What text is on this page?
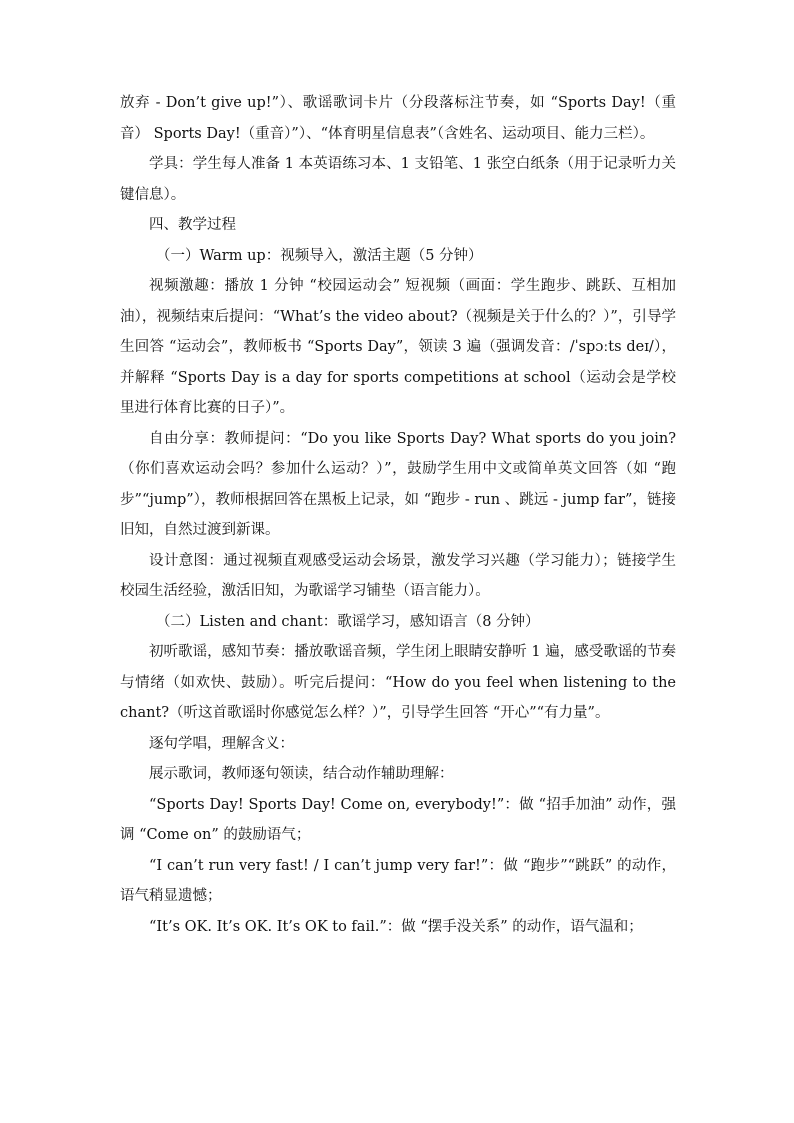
放弃 - Don’t give up!”）、歌谣歌词卡片（分段落标注节奏，如 “Sports Day!（重音） Sports Day!（重音）”）、“体育明星信息表”（含姓名、运动项目、能力三栏）。

学具：学生每人准备 1 本英语练习本、1 支铅笔、1 张空白纸条（用于记录听力关键信息）。

四、教学过程

（一）Warm up：视频导入，激活主题（5 分钟）

视频激趣：播放 1 分钟 “校园运动会” 短视频（画面：学生跑步、跳跃、互相加油），视频结束后提问：“What’s the video about?（视频是关于什么的？）”，引导学生回答 “运动会”，教师板书 “Sports Day”，领读 3 遍（强调发音：/ˈspɔːts deɪ/），并解释 “Sports Day is a day for sports competitions at school（运动会是学校里进行体育比赛的日子）”。

自由分享：教师提问：“Do you like Sports Day? What sports do you join?（你们喜欢运动会吗？参加什么运动？）”，鼓励学生用中文或简单英文回答（如 “跑步”“jump”），教师根据回答在黑板上记录，如 “跑步 - run 、跳远 - jump far”，链接旧知，自然过渡到新课。

设计意图：通过视频直观感受运动会场景，激发学习兴趣（学习能力）；链接学生校园生活经验，激活旧知，为歌谣学习铺垫（语言能力）。

（二）Listen and chant：歌谣学习，感知语言（8 分钟）

初听歌谣，感知节奏：播放歌谣音频，学生闭上眼睛安静听 1 遍，感受歌谣的节奏与情绪（如欢快、鼓励）。听完后提问：“How do you feel when listening to the chant?（听这首歌谣时你感觉怎么样？）”，引导学生回答 “开心”“有力量”。

逐句学唱，理解含义：

展示歌词，教师逐句领读，结合动作辅助理解：

“Sports Day! Sports Day! Come on, everybody!”：做 “招手加油” 动作，强调 “Come on” 的鼓励语气；

“I can’t run very fast! / I can’t jump very far!”：做 “跑步”“跳跃” 的动作，语气稍显遗憾；

“It’s OK. It’s OK. It’s OK to fail.”：做 “摆手没关系” 的动作，语气温和；
